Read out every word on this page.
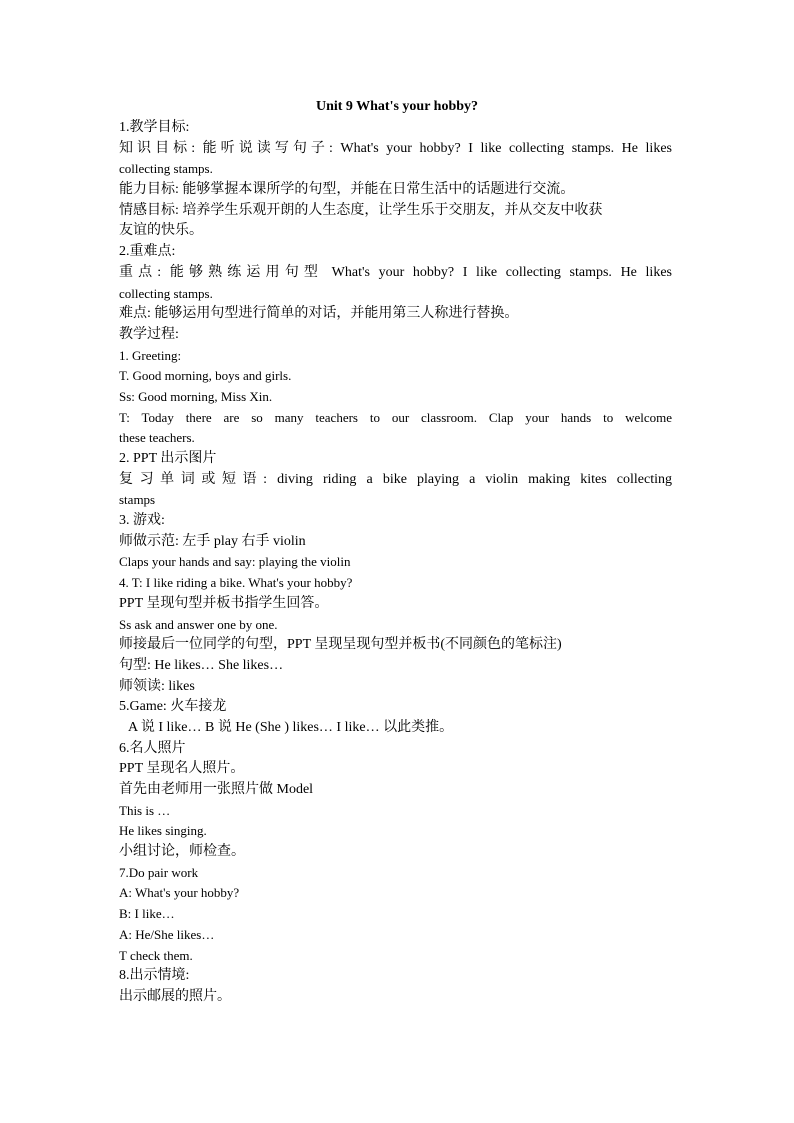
Unit 9 What's your hobby?
1.教学目标:
知识目标: 能听说读写句子: What's your hobby? I like collecting stamps. He likes
collecting stamps.
能力目标: 能够掌握本课所学的句型，并能在日常生活中的话题进行交流。
情感目标: 培养学生乐观开朗的人生态度，让学生乐于交朋友，并从交友中收获
友谊的快乐。
2.重难点:
重点: 能够熟练运用句型 What's your hobby? I like collecting stamps. He likes
collecting stamps.
难点: 能够运用句型进行简单的对话，并能用第三人称进行替换。
教学过程:
1. Greeting:
T. Good morning, boys and girls.
Ss: Good morning, Miss Xin.
T: Today there are so many teachers to our classroom. Clap your hands to welcome
these teachers.
2. PPT 出示图片
复习单词或短语: diving riding a bike playing a violin making kites collecting
stamps
3. 游戏:
师做示范: 左手 play 右手 violin
Claps your hands and say: playing the violin
4. T: I like riding a bike. What's your hobby?
PPT 呈现句型并板书指学生回答。
Ss ask and answer one by one.
师接最后一位同学的句型，PPT 呈现呈现句型并板书(不同颜色的笔标注)
句型: He likes… She likes…
师领读: likes
5.Game: 火车接龙
A 说 I like… B 说 He (She ) likes… I like… 以此类推。
6.名人照片
PPT 呈现名人照片。
首先由老师用一张照片做 Model
This is …
He likes singing.
小组讨论，师检查。
7.Do pair work
A: What's your hobby?
B: I like…
A: He/She likes…
T check them.
8.出示情境:
出示邮展的照片。
